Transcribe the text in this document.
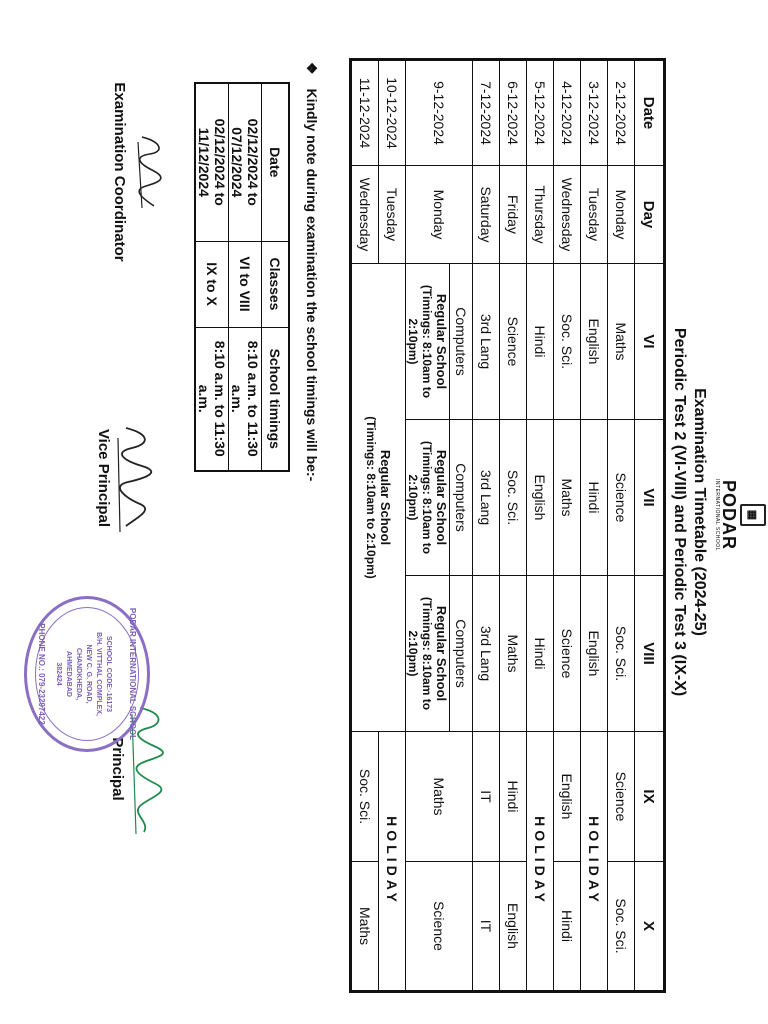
▦
PODAR
INTERNATIONAL SCHOOL
Examination Timetable (2024-25)
Periodic Test 2 (VI-VIII) and Periodic Test 3 (IX-X)
Date	Day	VI	VII	VIII	IX	X
2-12-2024	Monday	Maths	Science	Soc. Sci.	Science	Soc. Sci.
3-12-2024	Tuesday	English	Hindi	English	HOLIDAY	
4-12-2024	Wednesday	Soc. Sci.	Maths	Science	English	Hindi
5-12-2024	Thursday	Hindi	English	Hindi	HOLIDAY	
6-12-2024	Friday	Science	Soc. Sci.	Maths	Hindi	English
7-12-2024	Saturday	3rd Lang	3rd Lang	3rd Lang	IT	IT
9-12-2024	Monday	Computers
Regular School
(Timings: 8:10am to 2:10pm)	Computers
Regular School
(Timings: 8:10am to 2:10pm)	Computers
Regular School
(Timings: 8:10am to 2:10pm)	Maths	Science
10-12-2024	Tuesday	Regular School
(Timings: 8:10am to 2:10pm)			HOLIDAY	
11-12-2024	Wednesday				Soc. Sci.	Maths
❖ Kindly note during examination the school timings will be:-
Date	Classes	School timings
02/12/2024 to 07/12/2024	VI to VIII	8:10 a.m. to 11:30 a.m.
02/12/2024 to 11/12/2024	IX to X	8:10 a.m. to 11:30 a.m.
Examination Coordinator
Vice Principal
Principal
PODAR INTERNATIONAL SCHOOL
SCHOOL CODE:-16173
B/H. VITTHAL COMPLEX,
NEW C. G. ROAD,
CHANDKHEDA,
AHMEDABAD
382424
PHONE NO.: 079-23297422
